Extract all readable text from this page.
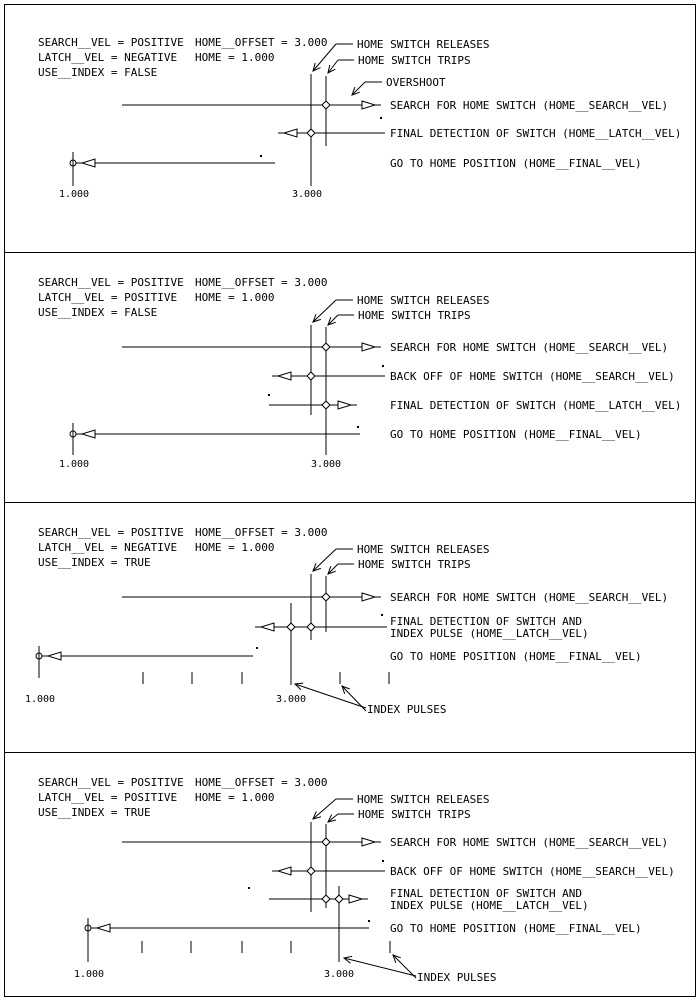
SEARCH__VEL = POSITIVE HOME__OFFSET = 3.000
LATCH__VEL = NEGATIVE HOME = 1.000
USE__INDEX = FALSE
HOME SWITCH RELEASES
HOME SWITCH TRIPS
OVERSHOOT
SEARCH FOR HOME SWITCH (HOME__SEARCH__VEL)
FINAL DETECTION OF SWITCH (HOME__LATCH__VEL)
GO TO HOME POSITION (HOME__FINAL__VEL)
1.000	3.000
SEARCH__VEL = POSITIVE HOME__OFFSET = 3.000
LATCH__VEL = POSITIVE HOME = 1.000
USE__INDEX = FALSE
HOME SWITCH RELEASES
HOME SWITCH TRIPS
SEARCH FOR HOME SWITCH (HOME__SEARCH__VEL)
BACK OFF OF HOME SWITCH (HOME__SEARCH__VEL)
FINAL DETECTION OF SWITCH (HOME__LATCH__VEL)
GO TO HOME POSITION (HOME__FINAL__VEL)
1.000	3.000
SEARCH__VEL = POSITIVE HOME__OFFSET = 3.000
LATCH__VEL = NEGATIVE HOME = 1.000
USE__INDEX = TRUE
HOME SWITCH RELEASES
HOME SWITCH TRIPS
SEARCH FOR HOME SWITCH (HOME__SEARCH__VEL)
FINAL DETECTION OF SWITCH AND
INDEX PULSE (HOME__LATCH__VEL)
GO TO HOME POSITION (HOME__FINAL__VEL)
1.000	3.000
INDEX PULSES
SEARCH__VEL = POSITIVE HOME__OFFSET = 3.000
LATCH__VEL = POSITIVE HOME = 1.000
USE__INDEX = TRUE
HOME SWITCH RELEASES
HOME SWITCH TRIPS
SEARCH FOR HOME SWITCH (HOME__SEARCH__VEL)
BACK OFF OF HOME SWITCH (HOME__SEARCH__VEL)
FINAL DETECTION OF SWITCH AND
INDEX PULSE (HOME__LATCH__VEL)
GO TO HOME POSITION (HOME__FINAL__VEL)
1.000	3.000	INDEX PULSES
